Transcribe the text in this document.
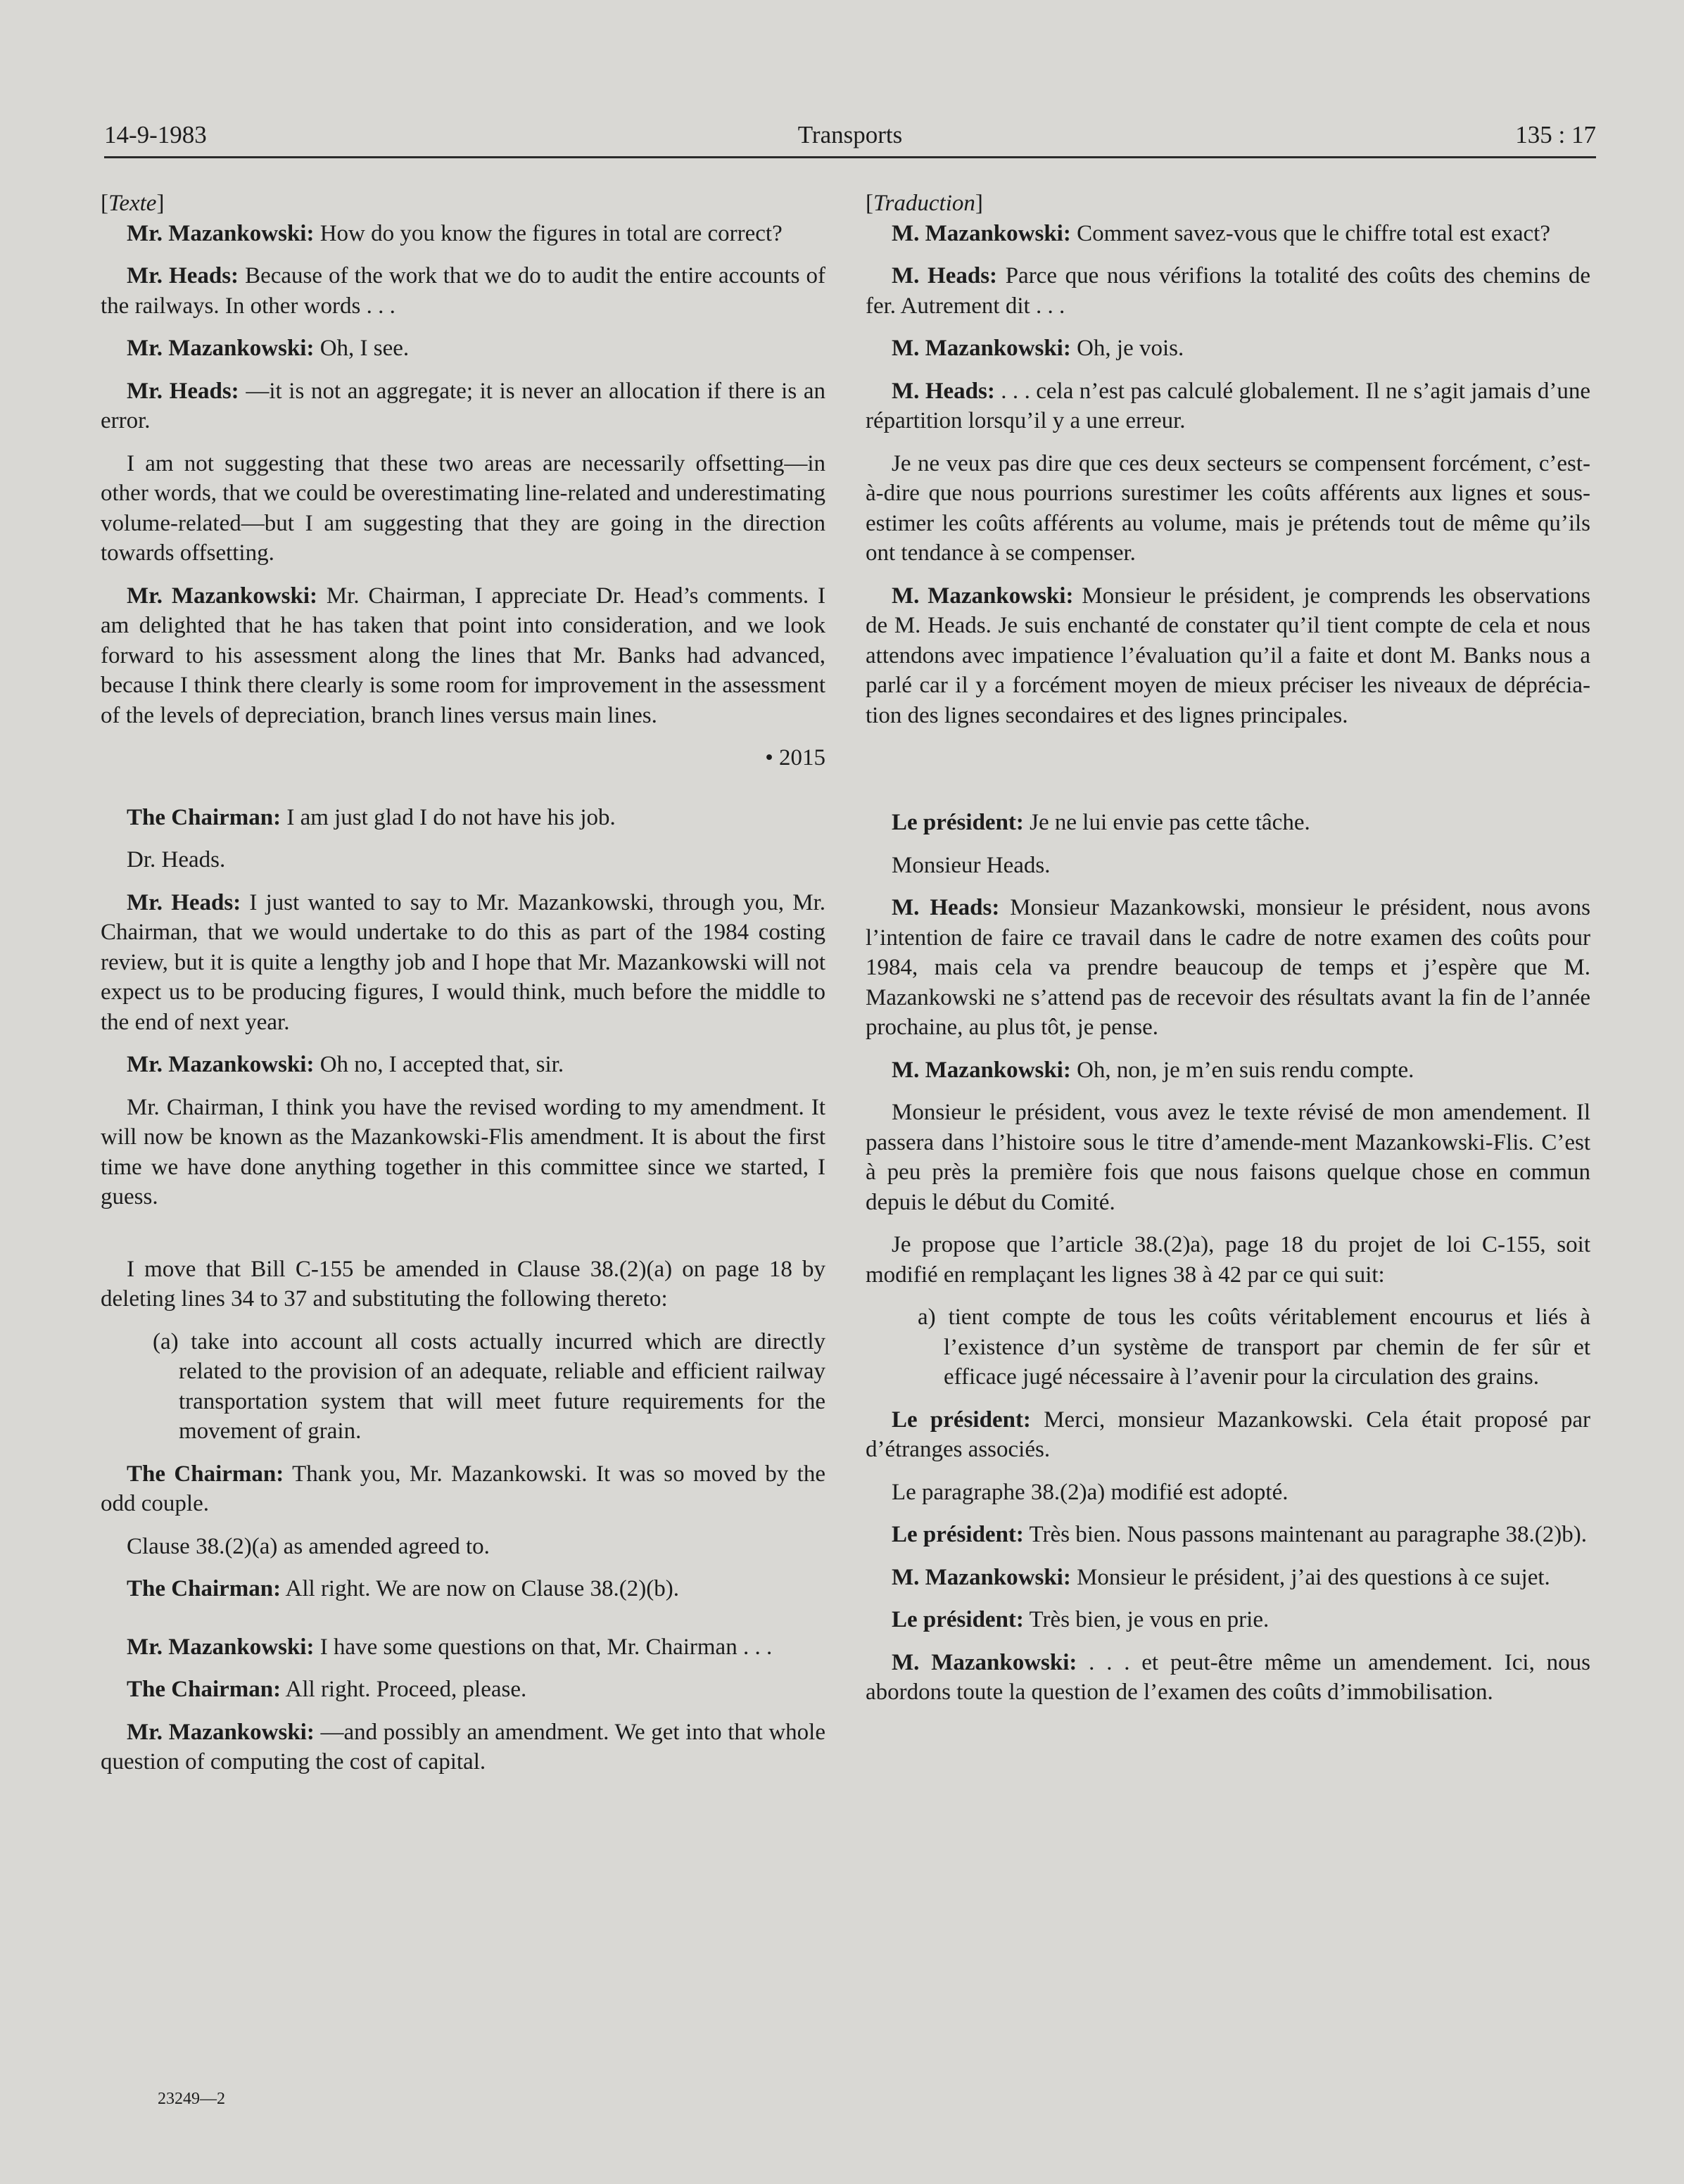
14-9-1983	Transports	135 : 17

[Texte]

Mr. Mazankowski: How do you know the figures in total are correct?

Mr. Heads: Because of the work that we do to audit the entire accounts of the railways. In other words . . .

Mr. Mazankowski: Oh, I see.

Mr. Heads: —it is not an aggregate; it is never an allocation if there is an error.

I am not suggesting that these two areas are necessarily offsetting—in other words, that we could be overestimating line-related and underestimating volume-related—but I am suggesting that they are going in the direction towards offsetting.

Mr. Mazankowski: Mr. Chairman, I appreciate Dr. Head’s comments. I am delighted that he has taken that point into consideration, and we look forward to his assessment along the lines that Mr. Banks had advanced, because I think there clearly is some room for improvement in the assessment of the levels of depreciation, branch lines versus main lines.

• 2015

The Chairman: I am just glad I do not have his job.

Dr. Heads.

Mr. Heads: I just wanted to say to Mr. Mazankowski, through you, Mr. Chairman, that we would undertake to do this as part of the 1984 costing review, but it is quite a lengthy job and I hope that Mr. Mazankowski will not expect us to be producing figures, I would think, much before the middle to the end of next year.

Mr. Mazankowski: Oh no, I accepted that, sir.

Mr. Chairman, I think you have the revised wording to my amendment. It will now be known as the Mazankowski-Flis amendment. It is about the first time we have done anything together in this committee since we started, I guess.

I move that Bill C-155 be amended in Clause 38.(2)(a) on page 18 by deleting lines 34 to 37 and substituting the following thereto:

(a) take into account all costs actually incurred which are directly related to the provision of an adequate, reliable and efficient railway transportation system that will meet future requirements for the movement of grain.

The Chairman: Thank you, Mr. Mazankowski. It was so moved by the odd couple.

Clause 38.(2)(a) as amended agreed to.

The Chairman: All right. We are now on Clause 38.(2)(b).

Mr. Mazankowski: I have some questions on that, Mr. Chairman . . .

The Chairman: All right. Proceed, please.

Mr. Mazankowski: —and possibly an amendment. We get into that whole question of computing the cost of capital.

[Traduction]

M. Mazankowski: Comment savez-vous que le chiffre total est exact?

M. Heads: Parce que nous vérifions la totalité des coûts des chemins de fer. Autrement dit . . .

M. Mazankowski: Oh, je vois.

M. Heads: . . . cela n’est pas calculé globalement. Il ne s’agit jamais d’une répartition lorsqu’il y a une erreur.

Je ne veux pas dire que ces deux secteurs se compensent forcément, c’est-à-dire que nous pourrions surestimer les coûts afférents aux lignes et sous-estimer les coûts afférents au volume, mais je prétends tout de même qu’ils ont tendance à se compenser.

M. Mazankowski: Monsieur le président, je comprends les observations de M. Heads. Je suis enchanté de constater qu’il tient compte de cela et nous attendons avec impatience l’évaluation qu’il a faite et dont M. Banks nous a parlé car il y a forcément moyen de mieux préciser les niveaux de déprécia-tion des lignes secondaires et des lignes principales.

Le président: Je ne lui envie pas cette tâche.

Monsieur Heads.

M. Heads: Monsieur Mazankowski, monsieur le président, nous avons l’intention de faire ce travail dans le cadre de notre examen des coûts pour 1984, mais cela va prendre beaucoup de temps et j’espère que M. Mazankowski ne s’attend pas de recevoir des résultats avant la fin de l’année prochaine, au plus tôt, je pense.

M. Mazankowski: Oh, non, je m’en suis rendu compte.

Monsieur le président, vous avez le texte révisé de mon amendement. Il passera dans l’histoire sous le titre d’amende-ment Mazankowski-Flis. C’est à peu près la première fois que nous faisons quelque chose en commun depuis le début du Comité.

Je propose que l’article 38.(2)a), page 18 du projet de loi C-155, soit modifié en remplaçant les lignes 38 à 42 par ce qui suit:

a) tient compte de tous les coûts véritablement encourus et liés à l’existence d’un système de transport par chemin de fer sûr et efficace jugé nécessaire à l’avenir pour la circulation des grains.

Le président: Merci, monsieur Mazankowski. Cela était proposé par d’étranges associés.

Le paragraphe 38.(2)a) modifié est adopté.

Le président: Très bien. Nous passons maintenant au paragraphe 38.(2)b).

M. Mazankowski: Monsieur le président, j’ai des questions à ce sujet.

Le président: Très bien, je vous en prie.

M. Mazankowski: . . . et peut-être même un amendement. Ici, nous abordons toute la question de l’examen des coûts d’immobilisation.

23249—2
